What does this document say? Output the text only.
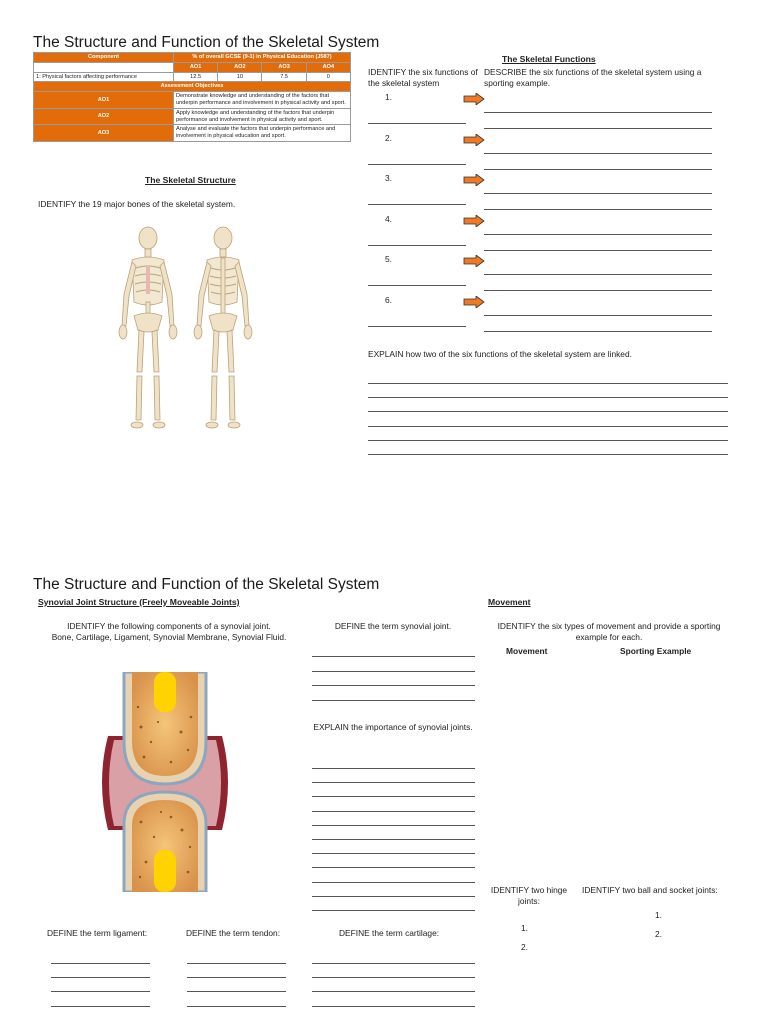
The Structure and Function of the Skeletal System
Component	% of overall GCSE (9-1) in Physical Education (J587)			
	AO1	AO2	AO3	AO4
1: Physical factors affecting performance	12.5	10	7.5	0
Assessment Objectives				
AO1	Demonstrate knowledge and understanding of the factors that underpin performance and involvement in physical activity and sport.			
AO2	Apply knowledge and understanding of the factors that underpin performance and involvement in physical activity and sport.			
AO3	Analyse and evaluate the factors that underpin performance and involvement in physical education and sport.			
The Skeletal Structure
IDENTIFY the 19 major bones of the skeletal system.
The Skeletal Functions
IDENTIFY the six functions of the skeletal system
DESCRIBE the six functions of the skeletal system using a sporting example.
1.
2.
3.
4.
5.
6.
EXPLAIN how two of the six functions of the skeletal system are linked.
The Structure and Function of the Skeletal System
Synovial Joint Structure (Freely Moveable Joints)
IDENTIFY the following components of a synovial joint.
Bone, Cartilage, Ligament, Synovial Membrane, Synovial Fluid.
DEFINE the term synovial joint.
EXPLAIN the importance of synovial joints.
Movement
IDENTIFY the six types of movement and provide a sporting example for each.
Movement	Sporting Example
IDENTIFY two hinge joints:
1.
2.
IDENTIFY two ball and socket joints:
1.
2.
DEFINE the term ligament:	DEFINE the term tendon:	DEFINE the term cartilage:
